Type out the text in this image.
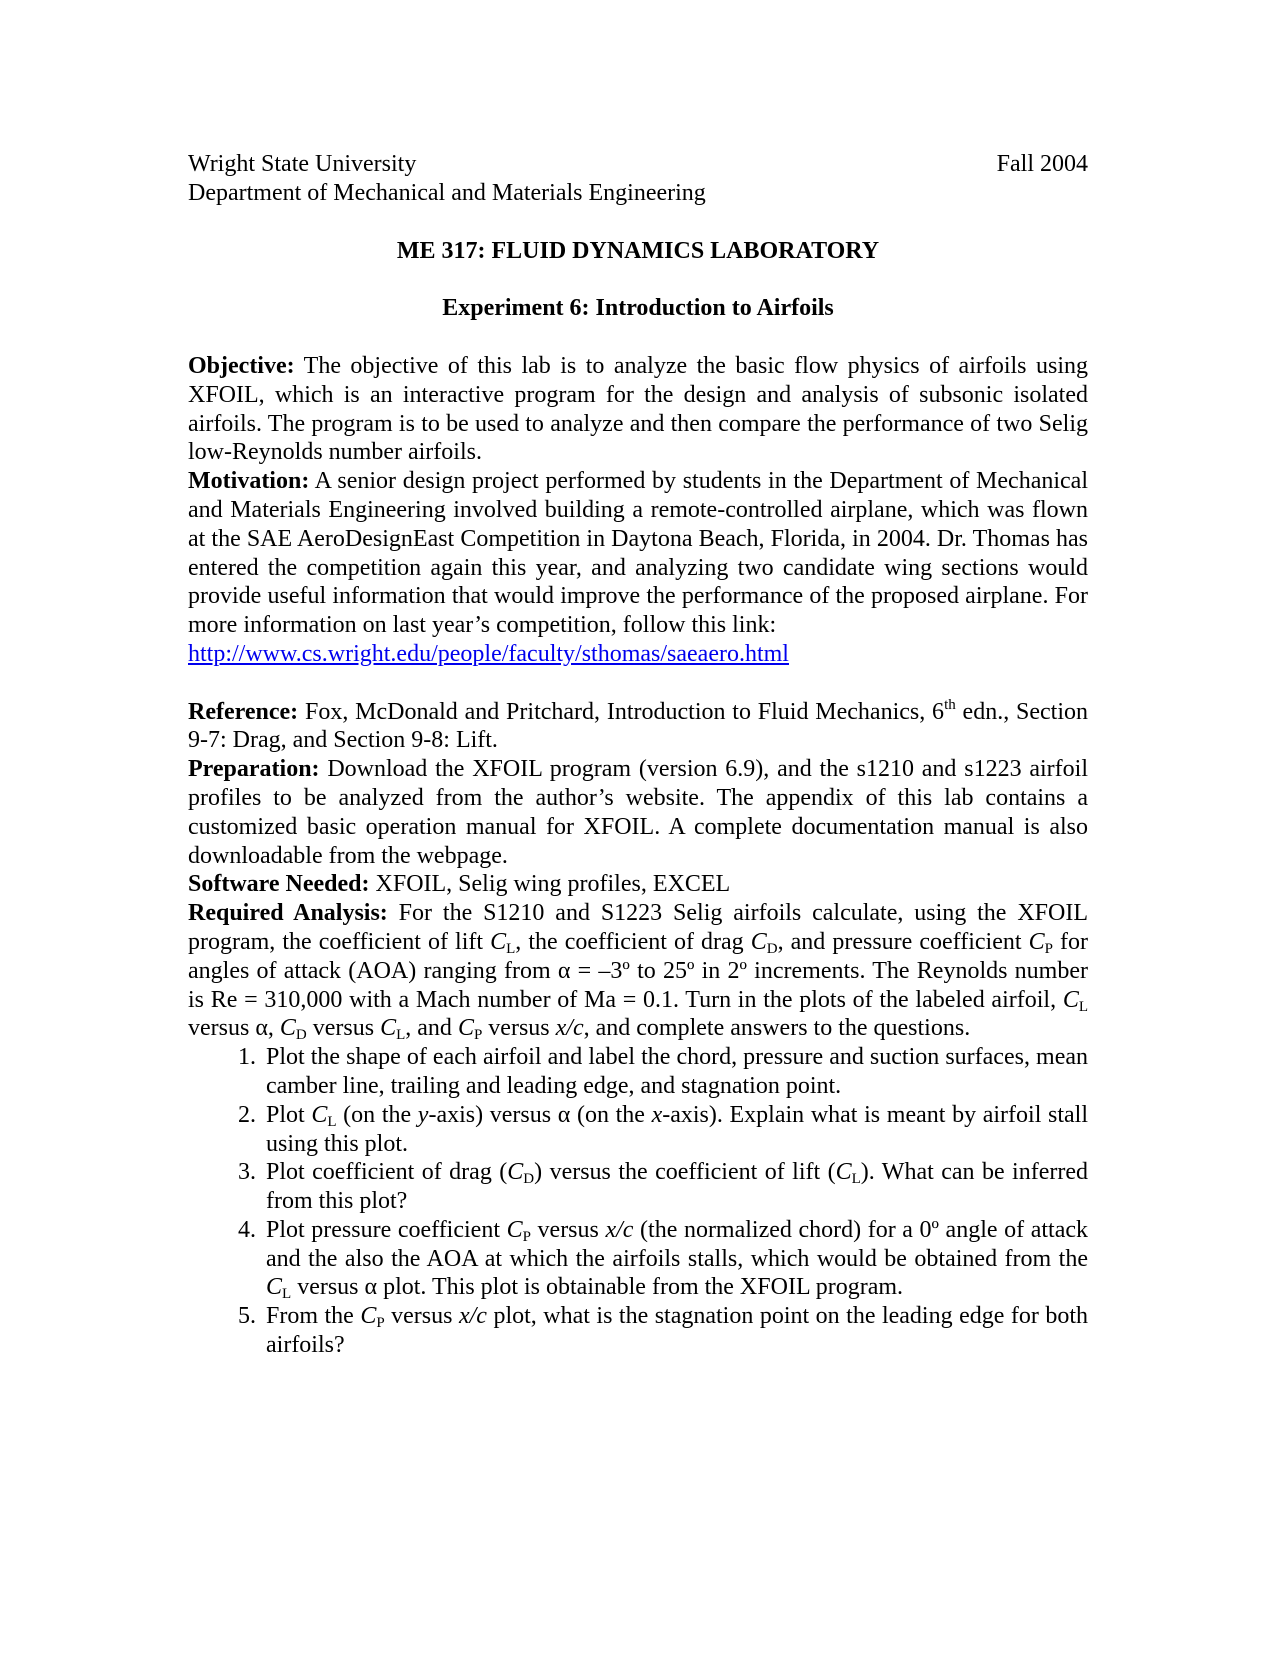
Wright State University	Fall 2004
Department of Mechanical and Materials Engineering
ME 317: FLUID DYNAMICS LABORATORY
Experiment 6: Introduction to Airfoils

Objective: The objective of this lab is to analyze the basic flow physics of airfoils using XFOIL, which is an interactive program for the design and analysis of subsonic isolated airfoils. The program is to be used to analyze and then compare the performance of two Selig low-Reynolds number airfoils.

Motivation: A senior design project performed by students in the Department of Mechanical and Materials Engineering involved building a remote-controlled airplane, which was flown at the SAE AeroDesignEast Competition in Daytona Beach, Florida, in 2004. Dr. Thomas has entered the competition again this year, and analyzing two candidate wing sections would provide useful information that would improve the performance of the proposed airplane. For more information on last year’s competition, follow this link:
http://www.cs.wright.edu/people/faculty/sthomas/saeaero.html

Reference: Fox, McDonald and Pritchard, Introduction to Fluid Mechanics, 6th edn., Section 9-7: Drag, and Section 9-8: Lift.

Preparation: Download the XFOIL program (version 6.9), and the s1210 and s1223 airfoil profiles to be analyzed from the author’s website. The appendix of this lab contains a customized basic operation manual for XFOIL. A complete documentation manual is also downloadable from the webpage.

Software Needed: XFOIL, Selig wing profiles, EXCEL

Required Analysis: For the S1210 and S1223 Selig airfoils calculate, using the XFOIL program, the coefficient of lift $C_L$, the coefficient of drag $C_D$, and pressure coefficient $C_P$ for angles of attack (AOA) ranging from α = –3º to 25º in 2º increments. The Reynolds number is Re = 310,000 with a Mach number of Ma = 0.1. Turn in the plots of the labeled airfoil, $C_L$ versus α, $C_D$ versus $C_L$, and $C_P$ versus x/c, and complete answers to the questions.

1. Plot the shape of each airfoil and label the chord, pressure and suction surfaces, mean camber line, trailing and leading edge, and stagnation point.
2. Plot $C_L$ (on the y-axis) versus α (on the x-axis). Explain what is meant by airfoil stall using this plot.
3. Plot coefficient of drag $(C_D)$ versus the coefficient of lift $(C_L)$. What can be inferred from this plot?
4. Plot pressure coefficient $C_P$ versus x/c (the normalized chord) for a 0º angle of attack and the also the AOA at which the airfoils stalls, which would be obtained from the $C_L$ versus α plot. This plot is obtainable from the XFOIL program.
5. From the $C_P$ versus x/c plot, what is the stagnation point on the leading edge for both airfoils?
